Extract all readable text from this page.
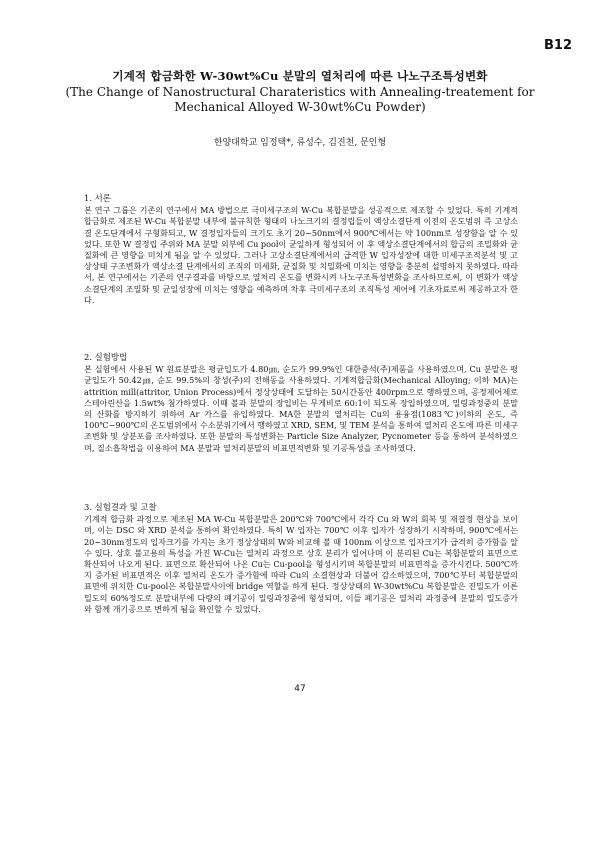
B12
기계적 합금화한 W-30wt%Cu 분말의 열처리에 따른 나노구조특성변화
(The Change of Nanostructural Charateristics with Annealing-treatement for
Mechanical Alloyed W-30wt%Cu Powder)
한양대학교 임정택*, 류성수, 김진천, 문인형
1. 서론

본 연구 그룹은 기존의 연구에서 MA 방법으로 극미세구조의 W-Cu 복합분말을 성공적으로 제조할 수 있었다. 특히 기계적 합금화로 제조된 W-Cu 복합분말 내부에 불규칙한 형태의 나노크기의 결정립들이 액상소결단계 이전의 온도범위 즉 고상소결 온도단계에서 구형화되고, W 결정입자들의 크기도 초기 20~50nm에서 900℃에서는 약 100nm로 성장함을 알 수 있었다. 또한 W 결정립 주위와 MA 분말 외부에 Cu pool이 균일하게 형성되어 이 후 액상소결단계에서의 합금의 조밀화와 균질화에 큰 영향을 미치게 됨을 알 수 있었다. 그러나 고상소결단계에서의 급격한 W 입자성장에 대한 미세구조적분석 및 고상상태 구조변화가 액상소결 단계에서의 조직의 미세화, 균질화 및 치밀화에 미치는 영향을 충분히 설명하지 못하였다. 따라서, 본 연구에서는 기존의 연구결과를 바탕으로 열처리 온도를 변화시켜 나노구조특성변화을 조사하므로써, 이 변화가 액상소결단계의 조밀화 및 균일성장에 미치는 영향을 예측하며 차후 극미세구조의 조직특성 제어에 기초자료로써 제공하고자 한다.

2. 실험방법

본 실험에서 사용된 W 원료분말은 평균입도가 4.80㎛, 순도가 99.9%인 대한중석(주)제품을 사용하였으며, Cu 분말은 평균입도가 50.42㎛, 순도 99.5%의 창성(주)의 전해동을 사용하였다. 기계적합금화(Mechanical Alloying; 이하 MA)는 attrition mill(attritor, Union Process)에서 정상상태에 도달하는 50시간동안 400rpm으로 행하였으며, 공정제어제로 스테아린산을 1.5wt% 첨가하였다. 이때 볼과 분말의 장입비는 무게비로 60:1이 되도록 장입하였으며, 밀링과정중의 분말의 산화를 방지하기 위하여 Ar 가스를 유입하였다. MA한 분말의 열처리는 Cu의 용융점(1083℃)이하의 온도, 즉 100℃~900℃의 온도범위에서 수소분위기에서 행하였고 XRD, SEM, 및 TEM 분석을 통하여 열처리 온도에 따른 미세구조변화 및 상분포를 조사하였다. 또한 분말의 특성변화는 Particle Size Analyzer, Pycnometer 등을 통하여 분석하였으며, 질소흡착법을 이용하여 MA 분말과 열처리분말의 비표면적변화 및 기공특성을 조사하였다.

3. 실험결과 및 고찰

기계적 합금화 과정으로 제조된 MA W-Cu 복합분말은 200℃와 700℃에서 각각 Cu 와 W의 회복 및 재결정 현상을 보이며, 이는 DSC 와 XRD 분석을 통하여 확인하였다. 특히 W 입자는 700℃ 이후 입자가 성장하기 시작하며, 900℃에서는 20~30nm정도의 입자크기를 가지는 초기 정상상태의 W와 비교해 볼 때 100nm 이상으로 입자크기가 급격히 증가함을 알 수 있다. 상호 불고용의 특성을 가진 W-Cu는 열처리 과정으로 상호 분리가 일어나며 이 분리된 Cu는 복합분말의 표면으로 확산되어 나오게 된다. 표면으로 확산되어 나온 Cu는 Cu-pool을 형성시키며 복합분말의 비표면적을 증가시킨다. 500℃까지 증가된 비표면적은 이후 열처리 온도가 증가함에 따라 Cu의 소결현상과 더불어 감소하였으며, 700℃부터 복합분말의 표면에 위치한 Cu-pool은 복합분말사이에 bridge 역할을 하게 된다. 정상상태의 W-30wt%Cu 복합분말은 진밀도가 이론밀도의 60%정도로 분말내부에 다량의 폐기공이 밀링과정중에 형성되며, 이들 폐기공은 열처리 과정중에 분말의 밀도증가와 함께 개기공으로 변하게 됨을 확인할 수 있었다.

47
